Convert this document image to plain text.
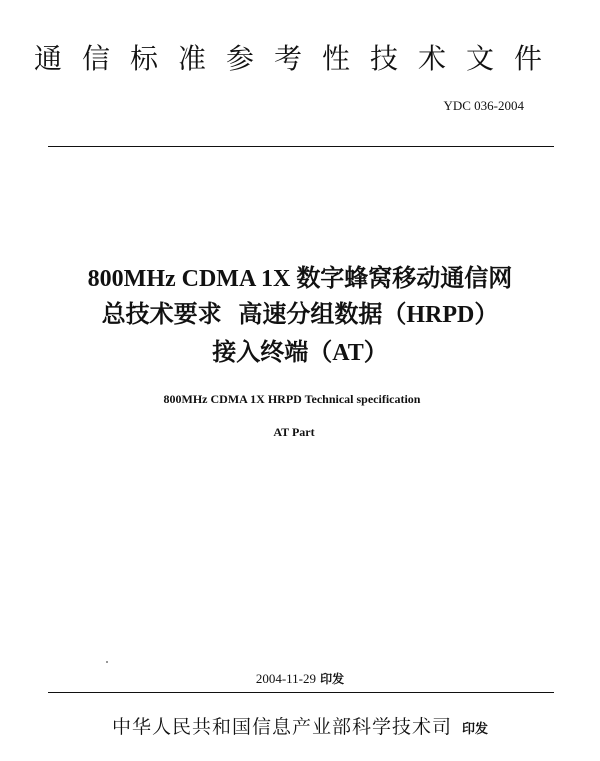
通信标准参考性技术文件
YDC 036-2004
800MHz CDMA 1X 数字蜂窝移动通信网
总技术要求  高速分组数据（HRPD）
接入终端（AT）
800MHz CDMA 1X HRPD Technical specification
AT Part
2004-11-29 印发
中华人民共和国信息产业部科学技术司 印发
